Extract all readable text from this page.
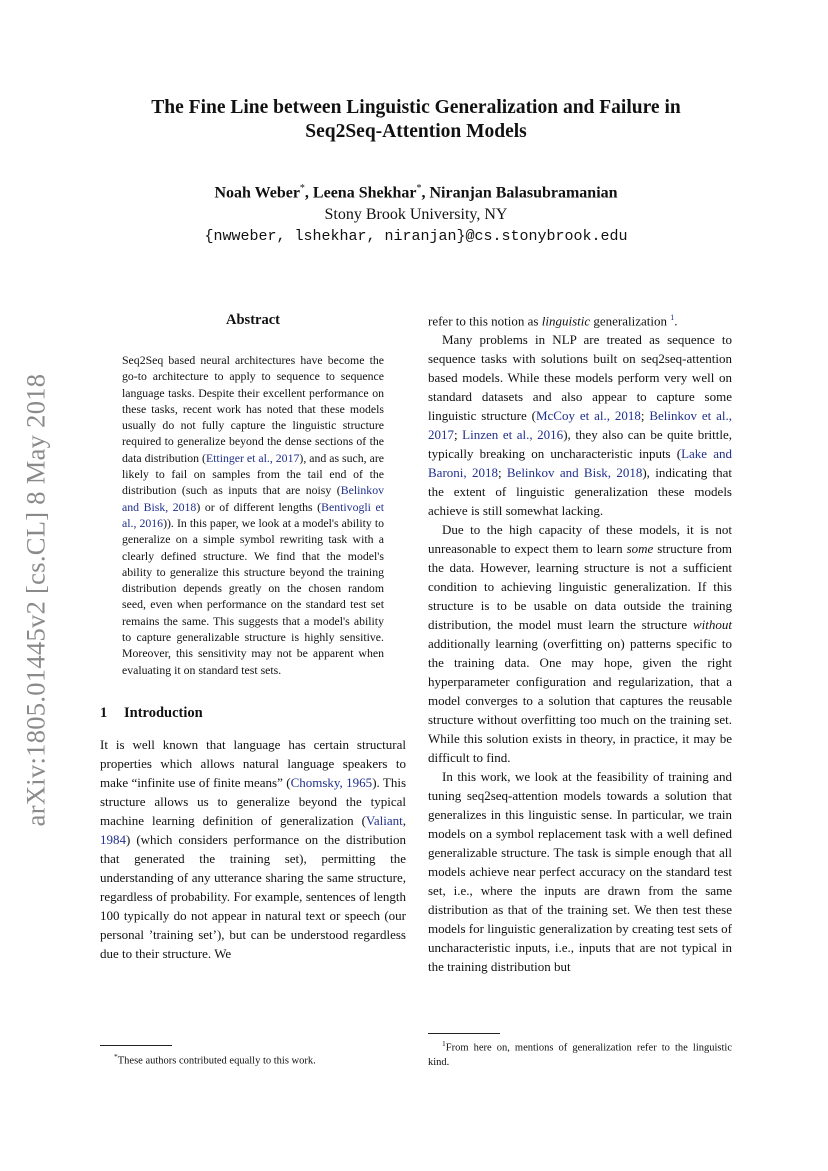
arXiv:1805.01445v2 [cs.CL] 8 May 2018
The Fine Line between Linguistic Generalization and Failure in
Seq2Seq-Attention Models
Noah Weber*, Leena Shekhar*, Niranjan Balasubramanian
Stony Brook University, NY
{nwweber, lshekhar, niranjan}@cs.stonybrook.edu

Abstract

Seq2Seq based neural architectures have become the go-to architecture to apply to sequence to sequence language tasks. Despite their excellent performance on these tasks, recent work has noted that these models usually do not fully capture the linguistic structure required to generalize beyond the dense sections of the data distribution (Ettinger et al., 2017), and as such, are likely to fail on samples from the tail end of the distribution (such as inputs that are noisy (Belinkov and Bisk, 2018) or of different lengths (Bentivogli et al., 2016)). In this paper, we look at a model's ability to generalize on a simple symbol rewriting task with a clearly defined structure. We find that the model's ability to generalize this structure beyond the training distribution depends greatly on the chosen random seed, even when performance on the standard test set remains the same. This suggests that a model's ability to capture generalizable structure is highly sensitive. Moreover, this sensitivity may not be apparent when evaluating it on standard test sets.

1 Introduction

It is well known that language has certain structural properties which allows natural language speakers to make “infinite use of finite means” (Chomsky, 1965). This structure allows us to generalize beyond the typical machine learning definition of generalization (Valiant, 1984) (which considers performance on the distribution that generated the training set), permitting the understanding of any utterance sharing the same structure, regardless of probability. For example, sentences of length 100 typically do not appear in natural text or speech (our personal ’training set’), but can be understood regardless due to their structure. We

refer to this notion as linguistic generalization $^1$.

Many problems in NLP are treated as sequence to sequence tasks with solutions built on seq2seq-attention based models. While these models perform very well on standard datasets and also appear to capture some linguistic structure (McCoy et al., 2018; Belinkov et al., 2017; Linzen et al., 2016), they also can be quite brittle, typically breaking on uncharacteristic inputs (Lake and Baroni, 2018; Belinkov and Bisk, 2018), indicating that the extent of linguistic generalization these models achieve is still somewhat lacking.

Due to the high capacity of these models, it is not unreasonable to expect them to learn some structure from the data. However, learning structure is not a sufficient condition to achieving linguistic generalization. If this structure is to be usable on data outside the training distribution, the model must learn the structure without additionally learning (overfitting on) patterns specific to the training data. One may hope, given the right hyperparameter configuration and regularization, that a model converges to a solution that captures the reusable structure without overfitting too much on the training set. While this solution exists in theory, in practice, it may be difficult to find.

In this work, we look at the feasibility of training and tuning seq2seq-attention models towards a solution that generalizes in this linguistic sense. In particular, we train models on a symbol replacement task with a well defined generalizable structure. The task is simple enough that all models achieve near perfect accuracy on the standard test set, i.e., where the inputs are drawn from the same distribution as that of the training set. We then test these models for linguistic generalization by creating test sets of uncharacteristic inputs, i.e., inputs that are not typical in the training distribution but

*These authors contributed equally to this work.
$^1$From here on, mentions of generalization refer to the linguistic kind.
